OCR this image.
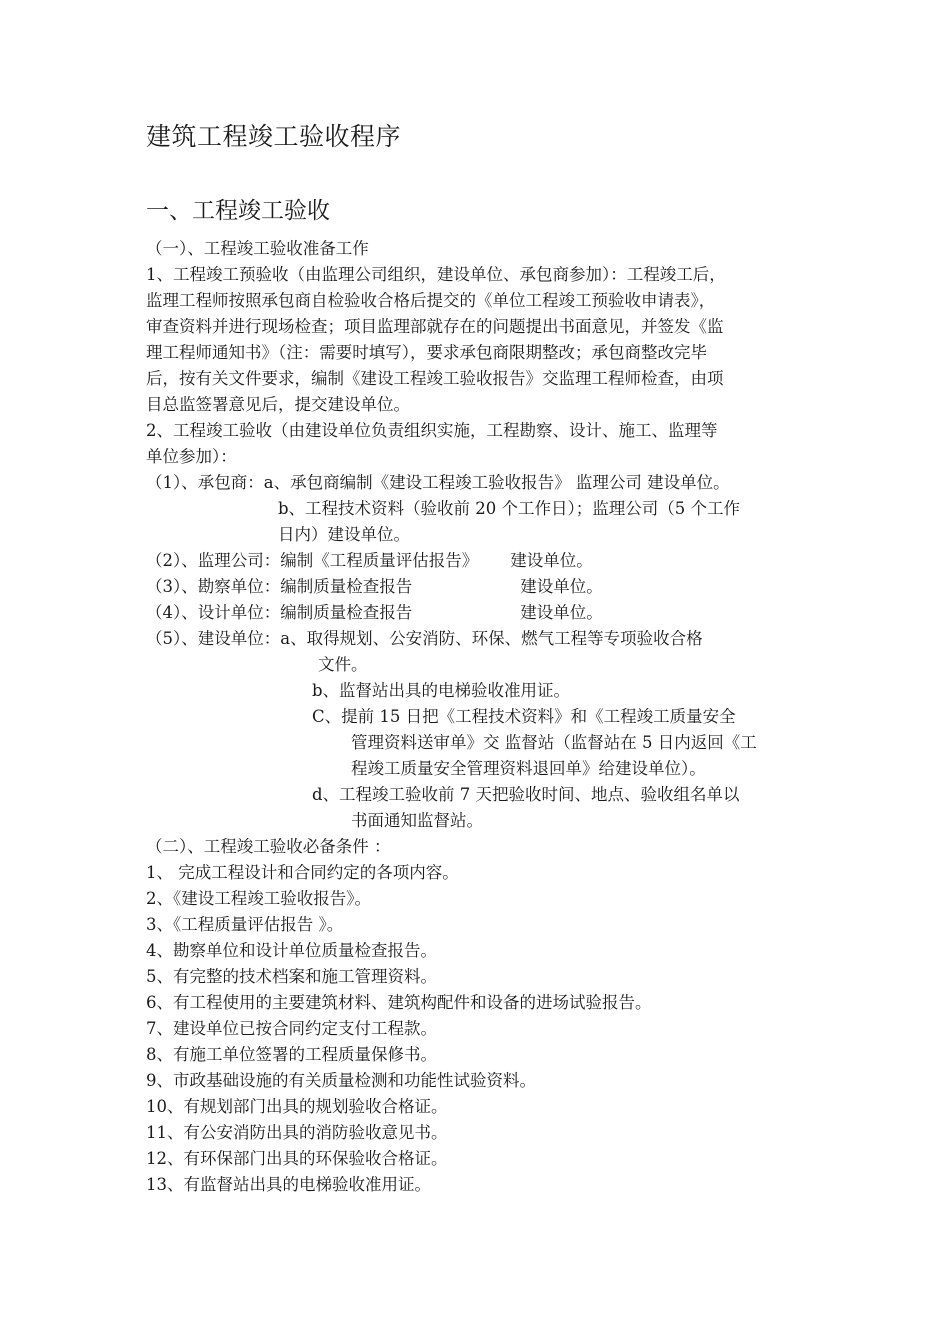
建筑工程竣工验收程序
一、工程竣工验收
（一）、工程竣工验收准备工作
1、工程竣工预验收（由监理公司组织，建设单位、承包商参加）：工程竣工后，
监理工程师按照承包商自检验收合格后提交的《单位工程竣工预验收申请表》，
审查资料并进行现场检查；项目监理部就存在的问题提出书面意见，并签发《监
理工程师通知书》（注：需要时填写），要求承包商限期整改；承包商整改完毕
后，按有关文件要求，编制《建设工程竣工验收报告》交监理工程师检查，由项
目总监签署意见后，提交建设单位。
2、工程竣工验收（由建设单位负责组织实施，工程勘察、设计、施工、监理等
单位参加）：
（1）、承包商：a、承包商编制《建设工程竣工验收报告》 监理公司 建设单位。
b、工程技术资料（验收前 20 个工作日）；监理公司（5 个工作
日内）建设单位。
（2）、监理公司：编制《工程质量评估报告》 建设单位。
（3）、勘察单位：编制质量检查报告	建设单位。
（4）、设计单位：编制质量检查报告	建设单位。
（5）、建设单位：a、取得规划、公安消防、环保、燃气工程等专项验收合格
文件。
b、监督站出具的电梯验收准用证。
C、提前 15 日把《工程技术资料》和《工程竣工质量安全
管理资料送审单》交 监督站（监督站在 5 日内返回《工
程竣工质量安全管理资料退回单》给建设单位）。
d、工程竣工验收前 7 天把验收时间、地点、验收组名单以
书面通知监督站。
（二）、工程竣工验收必备条件 ：
1、 完成工程设计和合同约定的各项内容。
2、《建设工程竣工验收报告》。
3、《工程质量评估报告 》。
4、勘察单位和设计单位质量检查报告。
5、有完整的技术档案和施工管理资料。
6、有工程使用的主要建筑材料、建筑构配件和设备的进场试验报告。
7、建设单位已按合同约定支付工程款。
8、有施工单位签署的工程质量保修书。
9、市政基础设施的有关质量检测和功能性试验资料。
10、有规划部门出具的规划验收合格证。
11、有公安消防出具的消防验收意见书。
12、有环保部门出具的环保验收合格证。
13、有监督站出具的电梯验收准用证。
